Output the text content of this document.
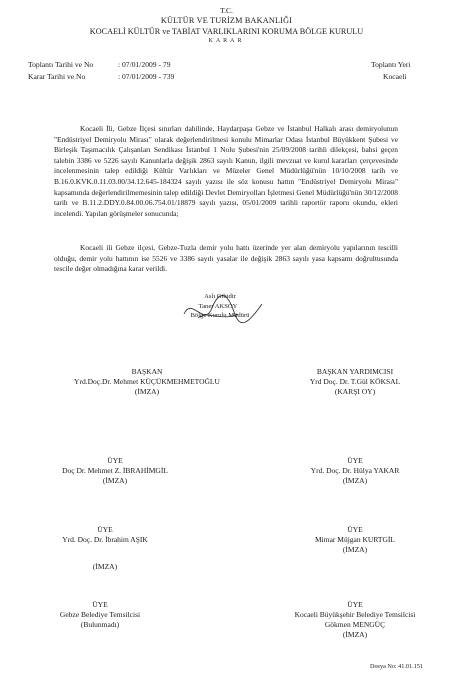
T.C.
KÜLTÜR VE TURİZM BAKANLIĞI
KOCAELİ KÜLTÜR ve TABİAT VARLIKLARINI KORUMA BÖLGE KURULU
KARAR
Toplantı Tarihi ve No	: 07/01/2009 - 79
Karar Tarihi ve No	: 07/01/2009 - 739
Toplantı Yeri
Kocaeli

Kocaeli İli, Gebze İlçesi sınırları dahilinde, Haydarpaşa Gebze ve İstanbul Halkalı arası demiryolunun "Endüstriyel Demiryolu Mirası" olarak değerlendirilmesi konulu Mimarlar Odası İstanbul Büyükkent Şubesi ve Birleşik Taşımacılık Çalışanları Sendikası İstanbul 1 Nolu Şubesi'nin 25/09/2008 tarihli dilekçesi, bahsi geçen talebin 3386 ve 5226 sayılı Kanunlarla değişik 2863 sayılı Kanun, ilgili mevzuat ve kurul kararları çerçevesinde incelenmesinin talep edildiği Kültür Varlıkları ve Müzeler Genel Müdürlüğü'nün 10/10/2008 tarih ve B.16.0.KVK.0.11.03.00/34.12.645-184324 sayılı yazısı ile söz konusu hattın "Endüstriyel Demiryolu Mirası" kapsamında değerlendirilmemesinin talep edildiği Devlet Demiryolları İşletmesi Genel Müdürlüğü'nün 30/12/2008 tarih ve B.11.2.DDY.0.84.00.06.754.01/18879 sayılı yazısı, 05/01/2009 tarihli raportör raporu okundu, ekleri incelendi. Yapılan görüşmeler sonucunda;

Kocaeli ili Gebze ilçesi, Gebze-Tuzla demir yolu hattı üzerinde yer alan demiryolu yapılarının tescilli olduğu, demir yolu hattının ise 5526 ve 3386 sayılı yasalar ile değişik 2863 sayılı yasa kapsamı doğrultusunda tescile değer olmadığına karar verildi.

Aslı Gibidir
Taner AKSOY
Bölge Kurulu Müdürü
BAŞKAN
Yrd.Doç.Dr. Mehmet KÜÇÜKMEHMETOĞLU
(İMZA)
BAŞKAN YARDIMCISI
Yrd Doç. Dr. T.Gül KÖKSAL
(KARŞI OY)
ÜYE
Doç Dr. Mehmet Z. İBRAHİMGİL
(İMZA)
ÜYE
Yrd. Doç. Dr. Hülya YAKAR
(İMZA)
ÜYE
Yrd. Doç. Dr. İbrahim AŞIK
ÜYE
Mimar Müjgan KURTGİL
(İMZA)
(İMZA)
ÜYE
Gebze Belediye Temsilcisi
(Bulunmadı)
ÜYE
Kocaeli Büyükşehir Belediye Temsilcisi
Gökmen MENGÜÇ
(İMZA)
Dosya No: 41.01.151
